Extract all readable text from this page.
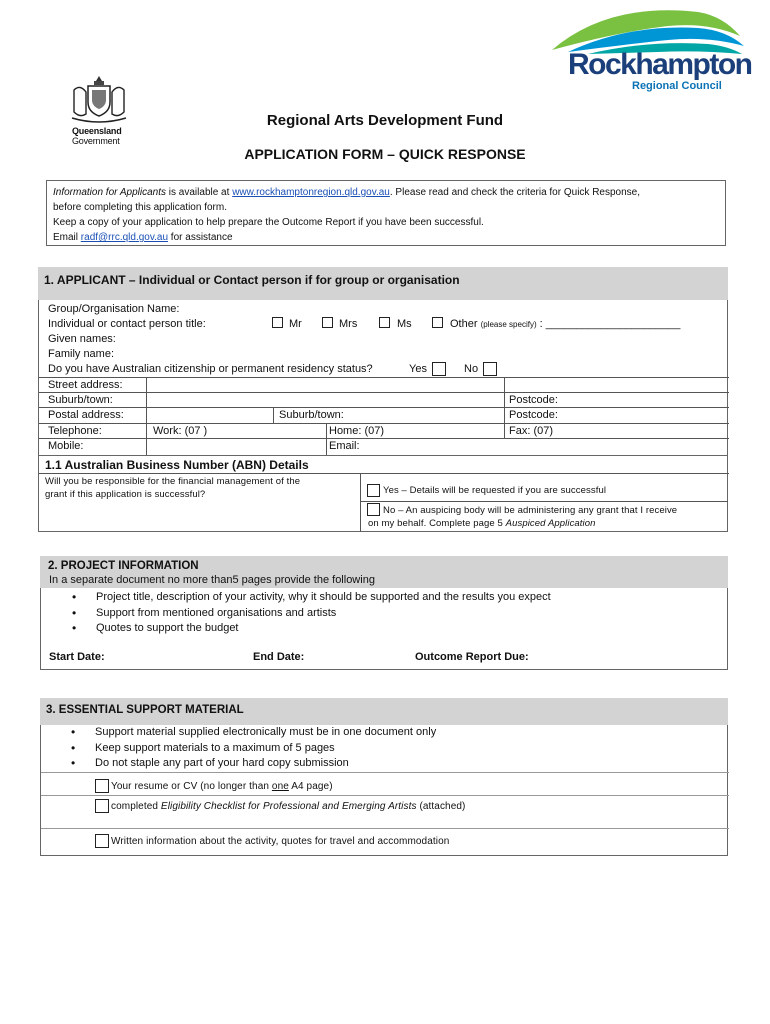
Queensland
Government
Rockhampton
Regional Council
Regional Arts Development Fund
APPLICATION FORM – QUICK RESPONSE
Information for Applicants is available at www.rockhamptonregion.qld.gov.au. Please read and check the criteria for Quick Response,
before completing this application form.
Keep a copy of your application to help prepare the Outcome Report if you have been successful.
Email radf@rrc.qld.gov.au for assistance
1. APPLICANT – Individual or Contact person if for group or organisation
Group/Organisation Name:
Individual or contact person title:	Mr	Mrs	Ms	Other (please specify) : ______________________
Given names:
Family name:
Do you have Australian citizenship or permanent residency status?	Yes	No
Street address:
Suburb/town:	Postcode:
Postal address:	Suburb/town:	Postcode:
Telephone:	Work: (07 )	Home: (07)	Fax: (07)
Mobile:	Email:
1.1 Australian Business Number (ABN) Details
Will you be responsible for the financial management of the
grant if this application is successful?	Yes – Details will be requested if you are successful
No – An auspicing body will be administering any grant that I receive
on my behalf. Complete page 5 Auspiced Application
2. PROJECT INFORMATION
In a separate document no more than5 pages provide the following
• Project title, description of your activity, why it should be supported and the results you expect
• Support from mentioned organisations and artists
• Quotes to support the budget
Start Date:	End Date:	Outcome Report Due:
3. ESSENTIAL SUPPORT MATERIAL
• Support material supplied electronically must be in one document only
• Keep support materials to a maximum of 5 pages
• Do not staple any part of your hard copy submission
Your resume or CV (no longer than one A4 page)
completed Eligibility Checklist for Professional and Emerging Artists (attached)
Written information about the activity, quotes for travel and accommodation
